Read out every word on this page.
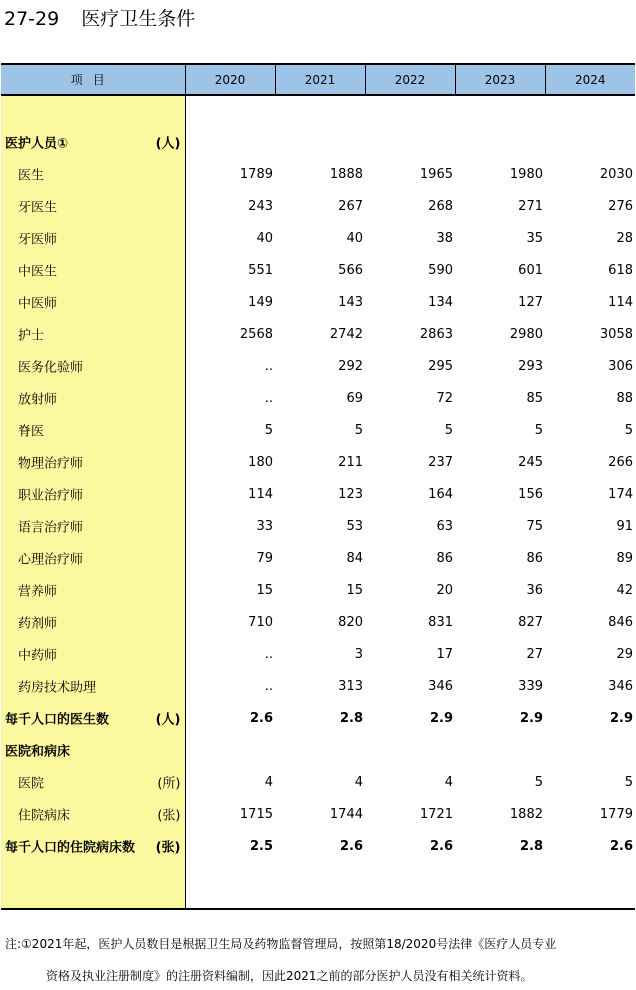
27-29 医疗卫生条件
项目	2020	2021	2022	2023	2024

医护人员① (人)					

医生	1789	1888	1965	1980	2030

牙医生	243	267	268	271	276

牙医师	40	40	38	35	28

中医生	551	566	590	601	618

中医师	149	143	134	127	114

护士	2568	2742	2863	2980	3058

医务化验师	..	292	295	293	306

放射师	..	69	72	85	88

脊医	5	5	5	5	5

物理治疗师	180	211	237	245	266

职业治疗师	114	123	164	156	174

语言治疗师	33	53	63	75	91

心理治疗师	79	84	86	86	89

营养师	15	15	20	36	42

药剂师	710	820	831	827	846

中药师	..	3	17	27	29

药房技术助理	..	313	346	339	346

每千人口的医生数 (人)	2.6	2.8	2.9	2.9	2.9

医院和病床					

医院 (所)	4	4	4	5	5

住院病床 (张)	1715	1744	1721	1882	1779

每千人口的住院病床数 (张)	2.5	2.6	2.6	2.8	2.6

注:①2021年起，医护人员数目是根据卫生局及药物监督管理局，按照第18/2020号法律《医疗人员专业
资格及执业注册制度》的注册资料编制，因此2021之前的部分医护人员没有相关统计资料。
